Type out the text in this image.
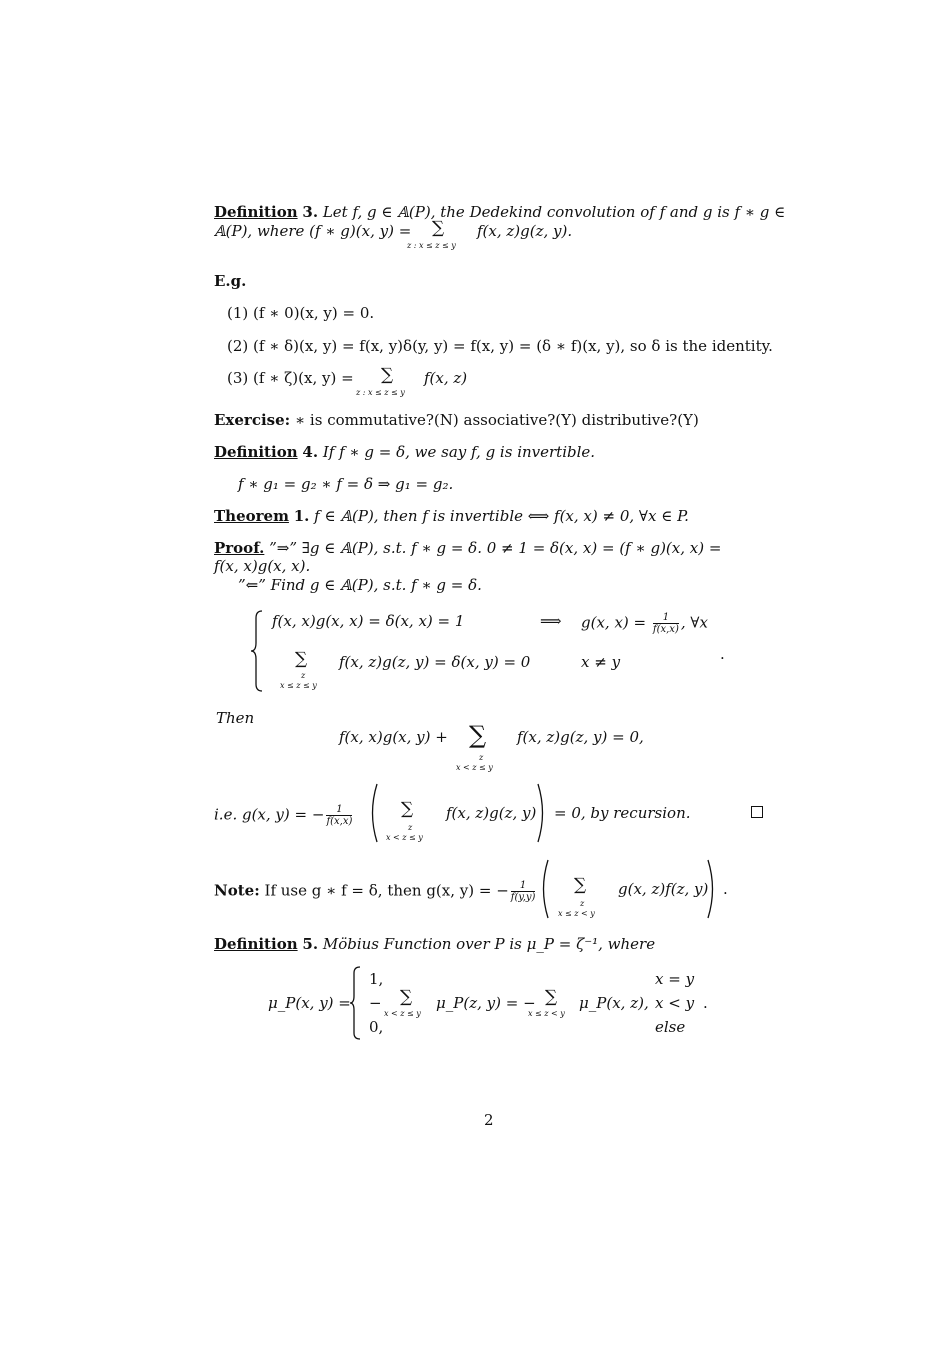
Definition 3. Let f, g ∈ 𝔸(P), the Dedekind convolution of f and g is f ∗ g ∈
𝔸(P), where (f ∗ g)(x, y) = ∑
z : x ≤ z ≤ y
f(x, z)g(z, y).
E.g.
(1) (f ∗ 0)(x, y) = 0.
(2) (f ∗ δ)(x, y) = f(x, y)δ(y, y) = f(x, y) = (δ ∗ f)(x, y), so δ is the identity.
(3) (f ∗ ζ)(x, y) = ∑
z : x ≤ z ≤ y
f(x, z)
Exercise: ∗ is commutative?(N) associative?(Y) distributive?(Y)
Definition 4. If f ∗ g = δ, we say f, g is invertible.
f ∗ g₁ = g₂ ∗ f = δ ⇒ g₁ = g₂.
Theorem 1. f ∈ 𝔸(P), then f is invertible ⟺ f(x, x) ≠ 0, ∀x ∈ P.
Proof. ”⇒” ∃g ∈ 𝔸(P), s.t. f ∗ g = δ. 0 ≠ 1 = δ(x, x) = (f ∗ g)(x, x) =
f(x, x)g(x, x).
”⇐” Find g ∈ 𝔸(P), s.t. f ∗ g = δ.
f(x, x)g(x, x) = δ(x, x) = 1	⟹ g(x, $x) = \frac{1}{f(x,x)}$ , ∀x
∑
z
x ≤ z ≤ y
f(x, z)g(z, y) = δ(x, y) = 0	x ≠ y	.
Then
f(x, x)g(x, y) + ∑
z
x < z ≤ y
f(x, z)g(z, y) = 0,
i.e. g(x, y) = − $\frac{1}{f(x,x)}$	∑
z
x < z ≤ y
f(x, z)g(z, y) = 0, by recursion.
Note: If use g ∗ f = δ, then g(x, y) = − $\frac{1}{f(y,y)}$ ∑
z
x ≤ z < y
g(x, z)f(z, y) .
Definition 5. Möbius Function over P is μ_P = ζ⁻¹, where
μ_P(x, y) =
1,	x = y
− ∑
x < z ≤ y
μ_P(z, y) = − ∑
x ≤ z < y
μ_P(x, z), x < y .
0,	else
2
